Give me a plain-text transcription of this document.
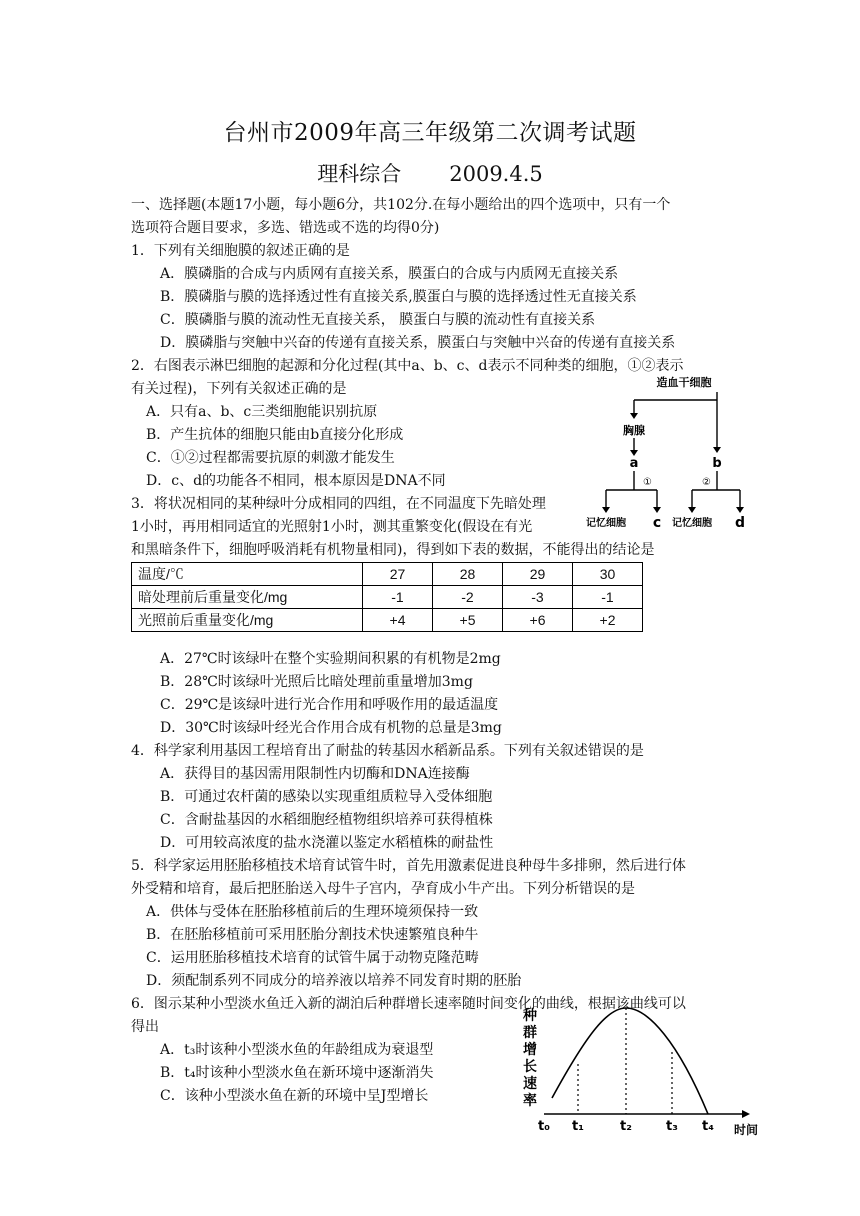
台州市2009年高三年级第二次调考试题
理科综合 2009.4.5
一、选择题(本题17小题，每小题6分，共102分.在每小题给出的四个选项中，只有一个
选项符合题目要求，多选、错选或不选的均得0分)
1．下列有关细胞膜的叙述正确的是
A．膜磷脂的合成与内质网有直接关系，膜蛋白的合成与内质网无直接关系
B．膜磷脂与膜的选择透过性有直接关系,膜蛋白与膜的选择透过性无直接关系
C．膜磷脂与膜的流动性无直接关系， 膜蛋白与膜的流动性有直接关系
D．膜磷脂与突触中兴奋的传递有直接关系，膜蛋白与突触中兴奋的传递有直接关系
2．右图表示淋巴细胞的起源和分化过程(其中a、b、c、d表示不同种类的细胞，①②表示
有关过程)，下列有关叙述正确的是
A．只有a、b、c三类细胞能识别抗原
B．产生抗体的细胞只能由b直接分化形成
C．①②过程都需要抗原的刺激才能发生
D．c、d的功能各不相同，根本原因是DNA不同
造血干细胞
胸腺
a	b
①	②
记忆细胞 c 记忆细胞 d
3．将状况相同的某种绿叶分成相同的四组，在不同温度下先暗处理
1小时，再用相同适宜的光照射1小时，测其重繁变化(假设在有光
和黑暗条件下，细胞呼吸消耗有机物量相同)，得到如下表的数据，不能得出的结论是
温度/℃	27	28	29	30
暗处理前后重量变化/mg	-1	-2	-3	-1
光照前后重量变化/mg	+4	+5	+6	+2
A．27℃时该绿叶在整个实验期间积累的有机物是2mg
B．28℃时该绿叶光照后比暗处理前重量增加3mg
C．29℃是该绿叶进行光合作用和呼吸作用的最适温度
D．30℃时该绿叶经光合作用合成有机物的总量是3mg
4．科学家利用基因工程培育出了耐盐的转基因水稻新品系。下列有关叙述错误的是
A．获得目的基因需用限制性内切酶和DNA连接酶
B．可通过农杆菌的感染以实现重组质粒导入受体细胞
C．含耐盐基因的水稻细胞经植物组织培养可获得植株
D．可用较高浓度的盐水浇灌以鉴定水稻植株的耐盐性
5．科学家运用胚胎移植技术培育试管牛时，首先用激素促进良种母牛多排卵，然后进行体
外受精和培育，最后把胚胎送入母牛子宫内，孕育成小牛产出。下列分析错误的是
A．供体与受体在胚胎移植前后的生理环境须保持一致
B．在胚胎移植前可采用胚胎分割技术快速繁殖良种牛
C．运用胚胎移植技术培育的试管牛属于动物克隆范畴
D．须配制系列不同成分的培养液以培养不同发育时期的胚胎
6．图示某种小型淡水鱼迁入新的湖泊后种群增长速率随时间变化的曲线，根据该曲线可以
得出
A．t₃时该种小型淡水鱼的年龄组成为衰退型
B．t₄时该种小型淡水鱼在新环境中逐渐消失
C．该种小型淡水鱼在新的环境中呈J型增长
种
群
增
长
速
率
t₀ t₁	t₂	t₃ t₄ 时间
